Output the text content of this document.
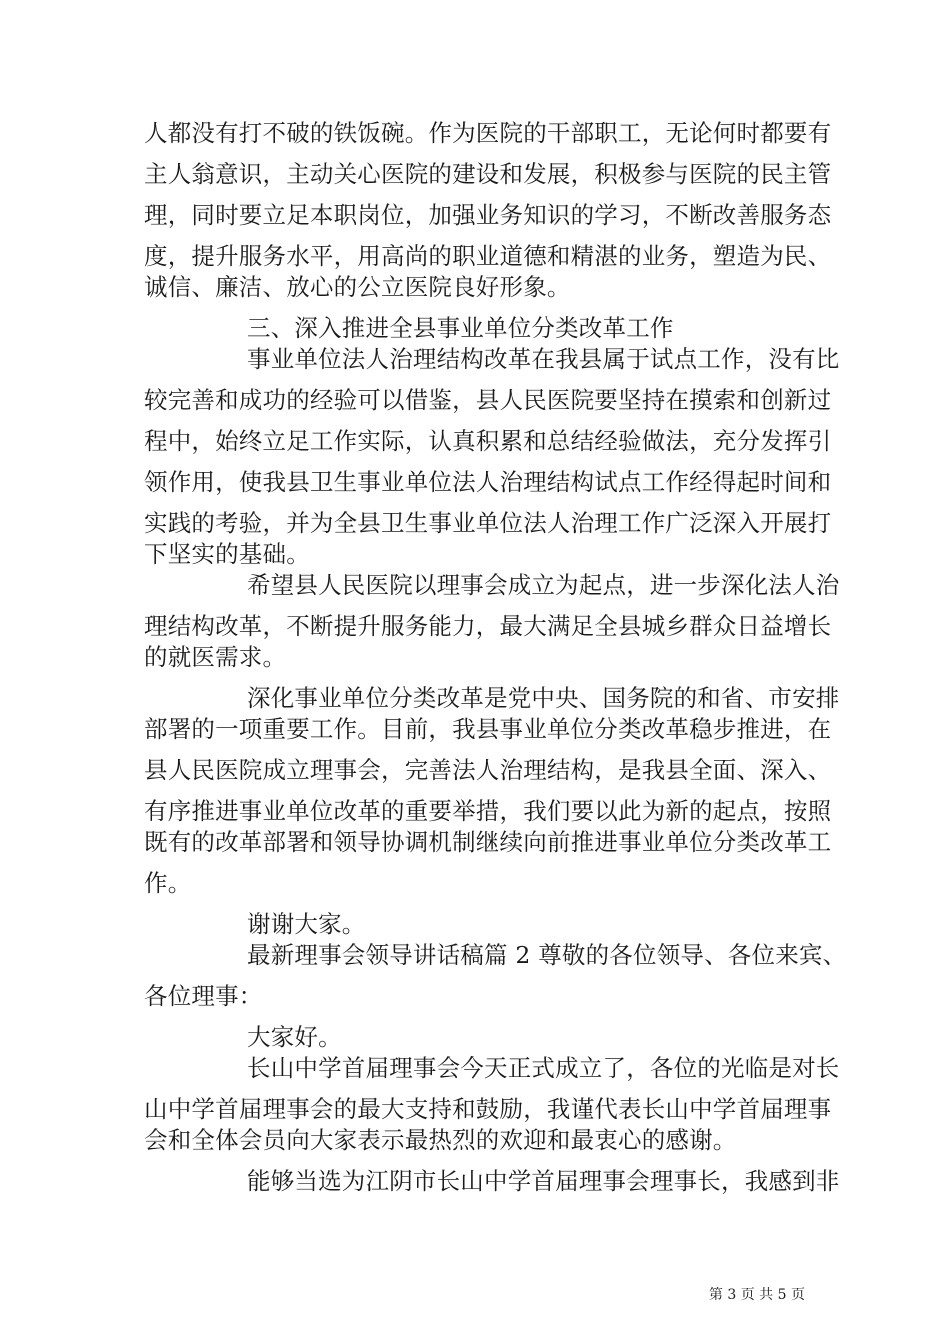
人都没有打不破的铁饭碗。作为医院的干部职工，无论何时都要有
主人翁意识，主动关心医院的建设和发展，积极参与医院的民主管
理，同时要立足本职岗位，加强业务知识的学习，不断改善服务态
度，提升服务水平，用高尚的职业道德和精湛的业务，塑造为民、
诚信、廉洁、放心的公立医院良好形象。
三、深入推进全县事业单位分类改革工作
事业单位法人治理结构改革在我县属于试点工作，没有比
较完善和成功的经验可以借鉴，县人民医院要坚持在摸索和创新过
程中，始终立足工作实际，认真积累和总结经验做法，充分发挥引
领作用，使我县卫生事业单位法人治理结构试点工作经得起时间和
实践的考验，并为全县卫生事业单位法人治理工作广泛深入开展打
下坚实的基础。
希望县人民医院以理事会成立为起点，进一步深化法人治
理结构改革，不断提升服务能力，最大满足全县城乡群众日益增长
的就医需求。
深化事业单位分类改革是党中央、国务院的和省、市安排
部署的一项重要工作。目前，我县事业单位分类改革稳步推进，在
县人民医院成立理事会，完善法人治理结构，是我县全面、深入、
有序推进事业单位改革的重要举措，我们要以此为新的起点，按照
既有的改革部署和领导协调机制继续向前推进事业单位分类改革工
作。
谢谢大家。
最新理事会领导讲话稿篇 2 尊敬的各位领导、各位来宾、
各位理事：
大家好。
长山中学首届理事会今天正式成立了，各位的光临是对长
山中学首届理事会的最大支持和鼓励，我谨代表长山中学首届理事
会和全体会员向大家表示最热烈的欢迎和最衷心的感谢。
能够当选为江阴市长山中学首届理事会理事长，我感到非
第 3 页 共 5 页
